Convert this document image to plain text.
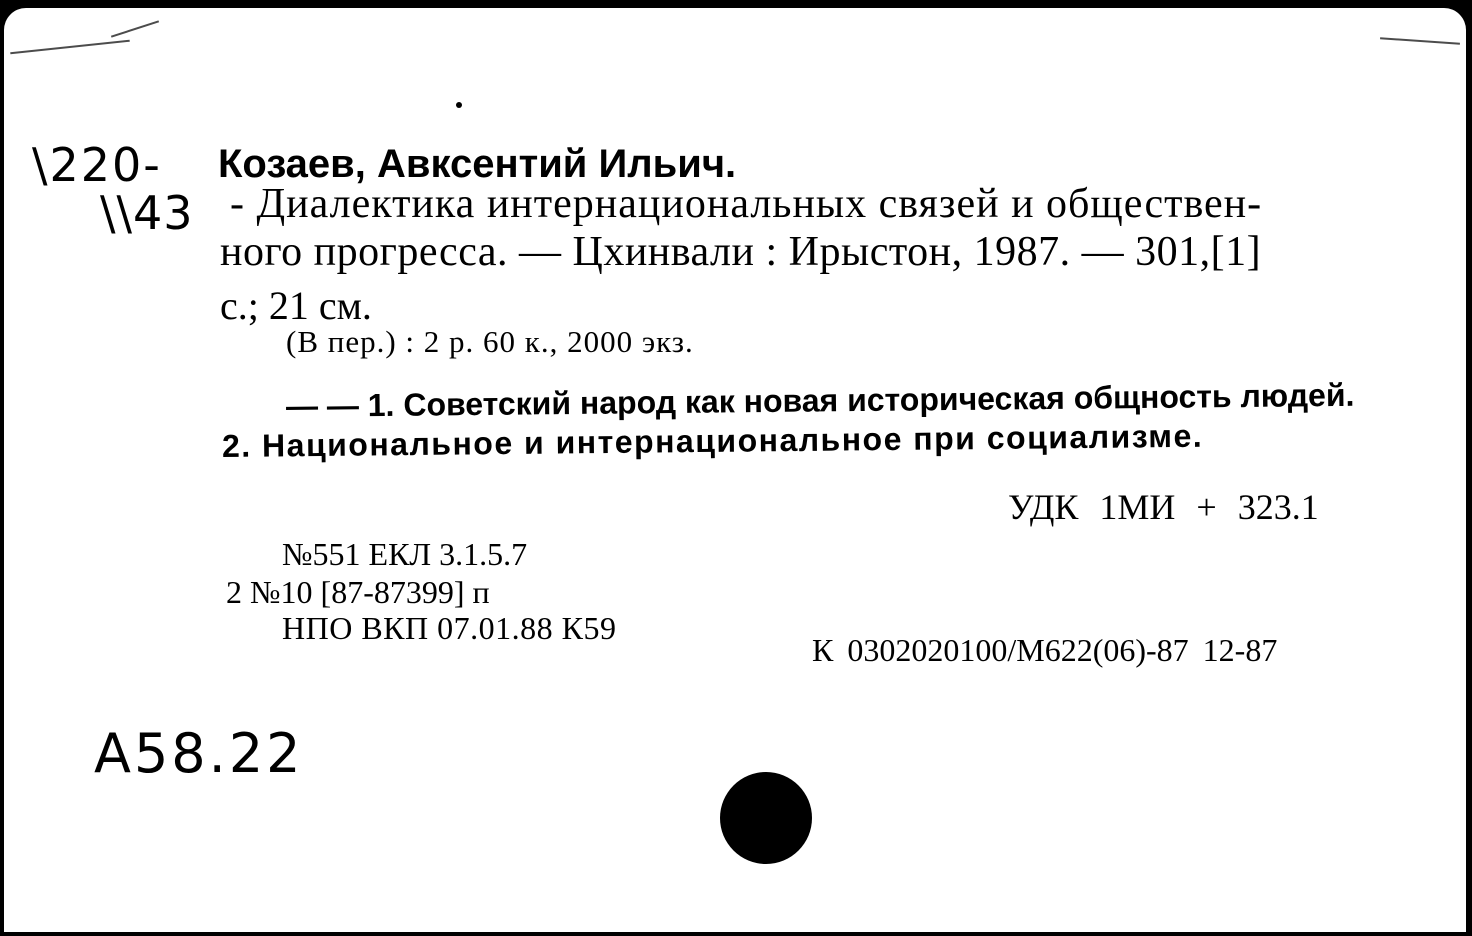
\220-
\\43
A58.22
Козаев, Авксентий Ильич.
- Диалектика интернациональных связей и обществен-
ного прогресса. — Цхинвали : Ирыстон, 1987. — 301,[1]
с.; 21 см.
(В пер.) : 2 р. 60 к., 2000 экз.
— — 1. Советский народ как новая историческая общность людей.
2. Национальное и интернациональное при социализме.
УДК 1МИ + 323.1
№551 ЕКЛ 3.1.5.7
2 №10 [87-87399] п
НПО ВКП 07.01.88 К59
К 0302020100/М622(06)-87 12-87
